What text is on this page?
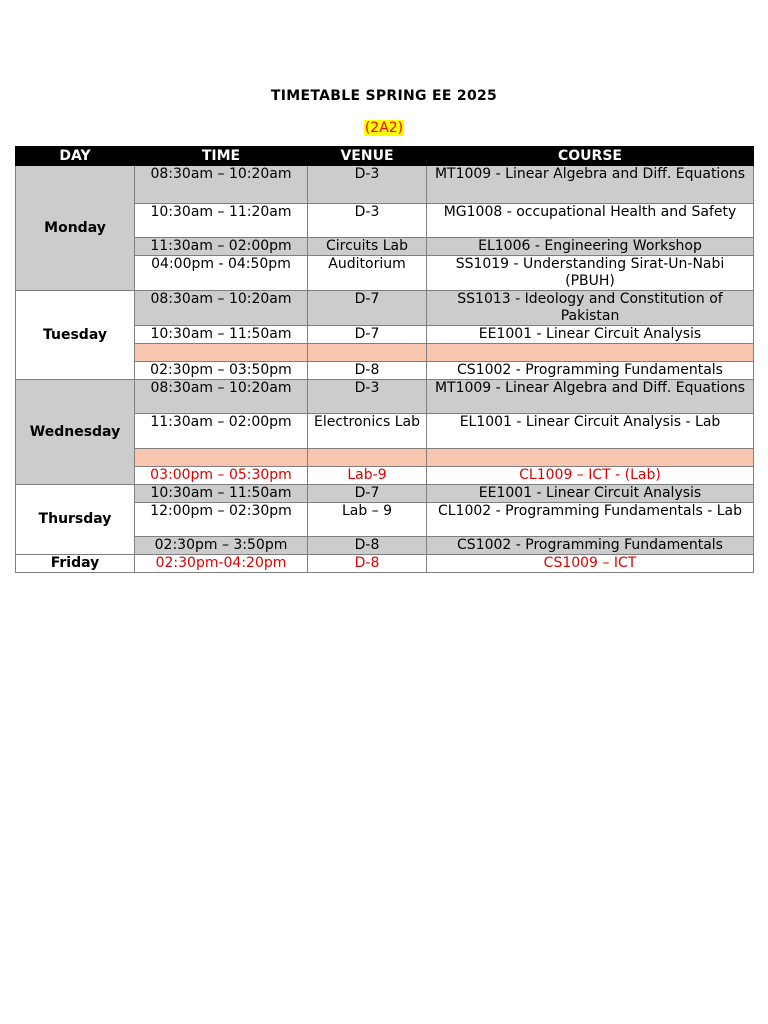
TIMETABLE SPRING EE 2025
(2A2)
DAY	TIME	VENUE	COURSE
Monday	08:30am – 10:20am	D-3	MT1009 - Linear Algebra and Diff. Equations
	10:30am – 11:20am	D-3	MG1008 - occupational Health and Safety
	11:30am – 02:00pm	Circuits Lab	EL1006 - Engineering Workshop
	04:00pm - 04:50pm	Auditorium	SS1019 - Understanding Sirat-Un-Nabi (PBUH)
Tuesday	08:30am – 10:20am	D-7	SS1013 - Ideology and Constitution of Pakistan
	10:30am – 11:50am	D-7	EE1001 - Linear Circuit Analysis

	02:30pm – 03:50pm	D-8	CS1002 - Programming Fundamentals
Wednesday	08:30am – 10:20am	D-3	MT1009 - Linear Algebra and Diff. Equations
	11:30am – 02:00pm	Electronics Lab	EL1001 - Linear Circuit Analysis - Lab

	03:00pm – 05:30pm	Lab-9	CL1009 – ICT - (Lab)
Thursday	10:30am – 11:50am	D-7	EE1001 - Linear Circuit Analysis
	12:00pm – 02:30pm	Lab – 9	CL1002 - Programming Fundamentals - Lab
	02:30pm – 3:50pm	D-8	CS1002 - Programming Fundamentals
Friday	02:30pm-04:20pm	D-8	CS1009 – ICT
